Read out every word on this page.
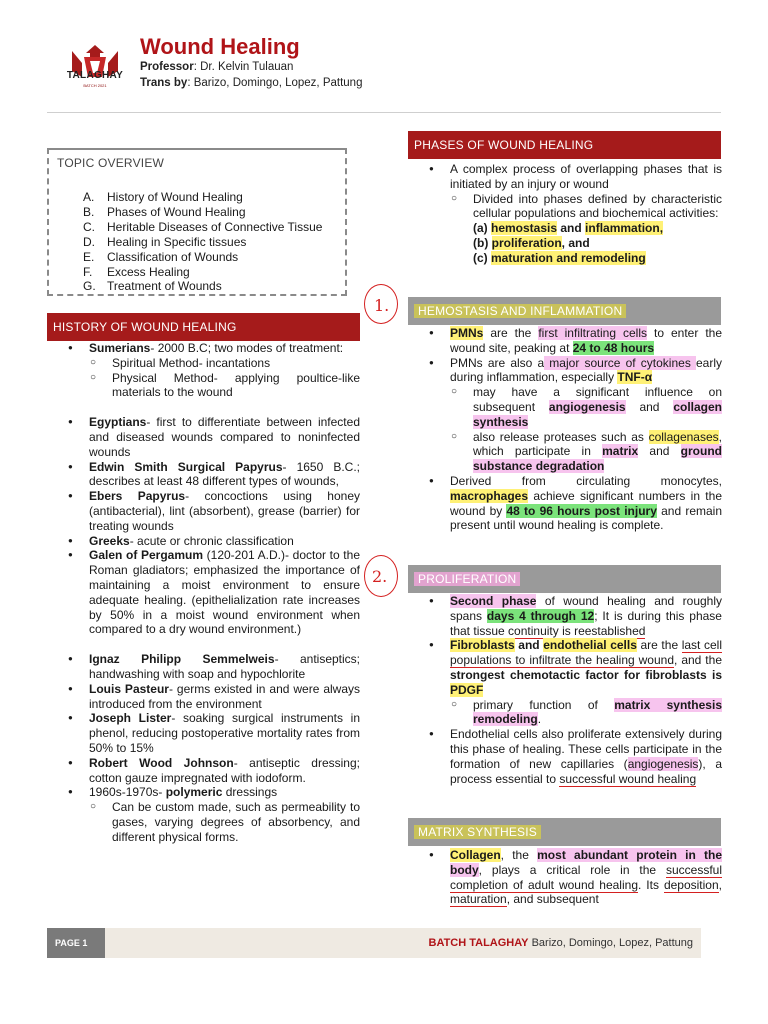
TALAGHAY
BATCH 2021
Wound Healing
Professor: Dr. Kelvin Tulauan
Trans by: Barizo, Domingo, Lopez, Pattung
TOPIC OVERVIEW
A. History of Wound Healing
B. Phases of Wound Healing
C. Heritable Diseases of Connective Tissue
D. Healing in Specific tissues
E. Classification of Wounds
F. Excess Healing
G. Treatment of Wounds
HISTORY OF WOUND HEALING
● Sumerians- 2000 B.C; two modes of treatment:
○ Spiritual Method- incantations
○ Physical Method- applying poultice-like materials to the wound
● Egyptians- first to differentiate between infected and diseased wounds compared to noninfected wounds
● Edwin Smith Surgical Papyrus- 1650 B.C.; describes at least 48 different types of wounds,
● Ebers Papyrus- concoctions using honey (antibacterial), lint (absorbent), grease (barrier) for treating wounds
● Greeks- acute or chronic classification
● Galen of Pergamum (120-201 A.D.)- doctor to the Roman gladiators; emphasized the importance of maintaining a moist environment to ensure adequate healing. (epithelialization rate increases by 50% in a moist wound environment when compared to a dry wound environment.)
● Ignaz Philipp Semmelweis- antiseptics; handwashing with soap and hypochlorite
● Louis Pasteur- germs existed in and were always introduced from the environment
● Joseph Lister- soaking surgical instruments in phenol, reducing postoperative mortality rates from 50% to 15%
● Robert Wood Johnson- antiseptic dressing; cotton gauze impregnated with iodoform.
● 1960s-1970s- polymeric dressings
○ Can be custom made, such as permeability to gases, varying degrees of absorbency, and different physical forms.
PHASES OF WOUND HEALING
● A complex process of overlapping phases that is initiated by an injury or wound
○ Divided into phases defined by characteristic cellular populations and biochemical activities:
(a) hemostasis and inflammation,
(b) proliferation, and
(c) maturation and remodeling
1.	HEMOSTASIS AND INFLAMMATION
● PMNs are the first infiltrating cells to enter the wound site, peaking at 24 to 48 hours
● PMNs are also a major source of cytokines early during inflammation, especially TNF-α
○ may have a significant influence on subsequent angiogenesis and collagen synthesis
○ also release proteases such as collagenases, which participate in matrix and ground substance degradation
● Derived from circulating monocytes, macrophages achieve significant numbers in the wound by 48 to 96 hours post injury and remain present until wound healing is complete.
2.	PROLIFERATION
● Second phase of wound healing and roughly spans days 4 through 12; It is during this phase that tissue continuity is reestablished
● Fibroblasts and endothelial cells are the last cell populations to infiltrate the healing wound, and the strongest chemotactic factor for fibroblasts is PDGF
○ primary function of matrix synthesis remodeling.
● Endothelial cells also proliferate extensively during this phase of healing. These cells participate in the formation of new capillaries (angiogenesis), a process essential to successful wound healing
MATRIX SYNTHESIS
● Collagen, the most abundant protein in the body, plays a critical role in the successful completion of adult wound healing. Its deposition, maturation, and subsequent
PAGE 1	BATCH TALAGHAY Barizo, Domingo, Lopez, Pattung
